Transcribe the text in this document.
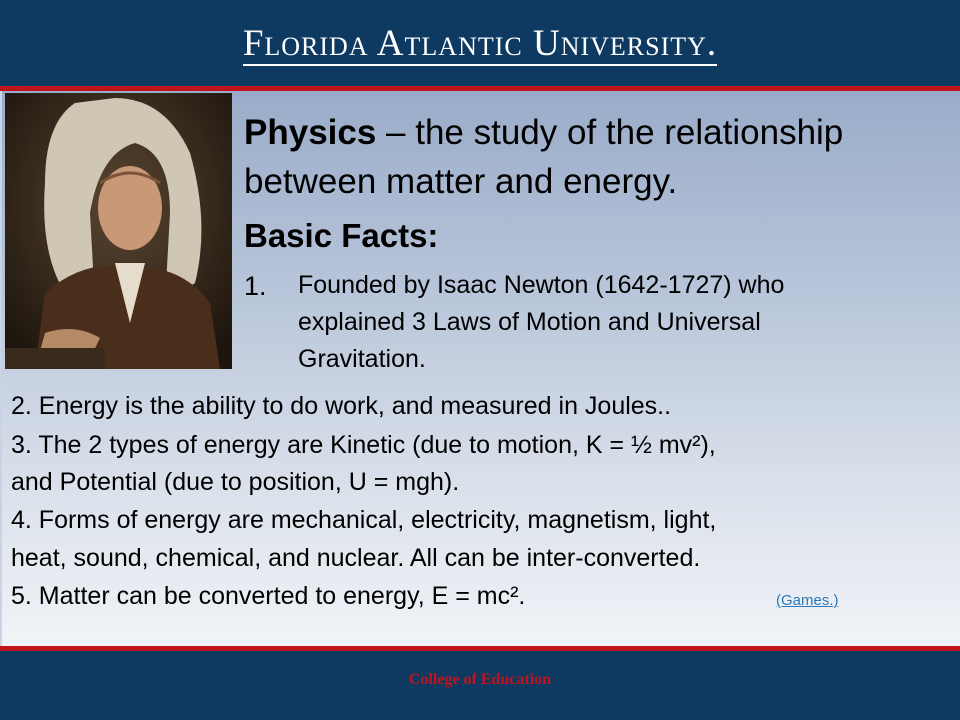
Florida Atlantic University.
Physics – the study of the relationship
between matter and energy.
Basic Facts:
1. Founded by Isaac Newton (1642-1727) who
explained 3 Laws of Motion and Universal
Gravitation.
2. Energy is the ability to do work, and measured in Joules..
3. The 2 types of energy are Kinetic (due to motion, K = ½ mv²),
and Potential (due to position, U = mgh).
4. Forms of energy are mechanical, electricity, magnetism, light,
heat, sound, chemical, and nuclear. All can be inter-converted.
5. Matter can be converted to energy, E = mc².	(Games.)
College of Education
